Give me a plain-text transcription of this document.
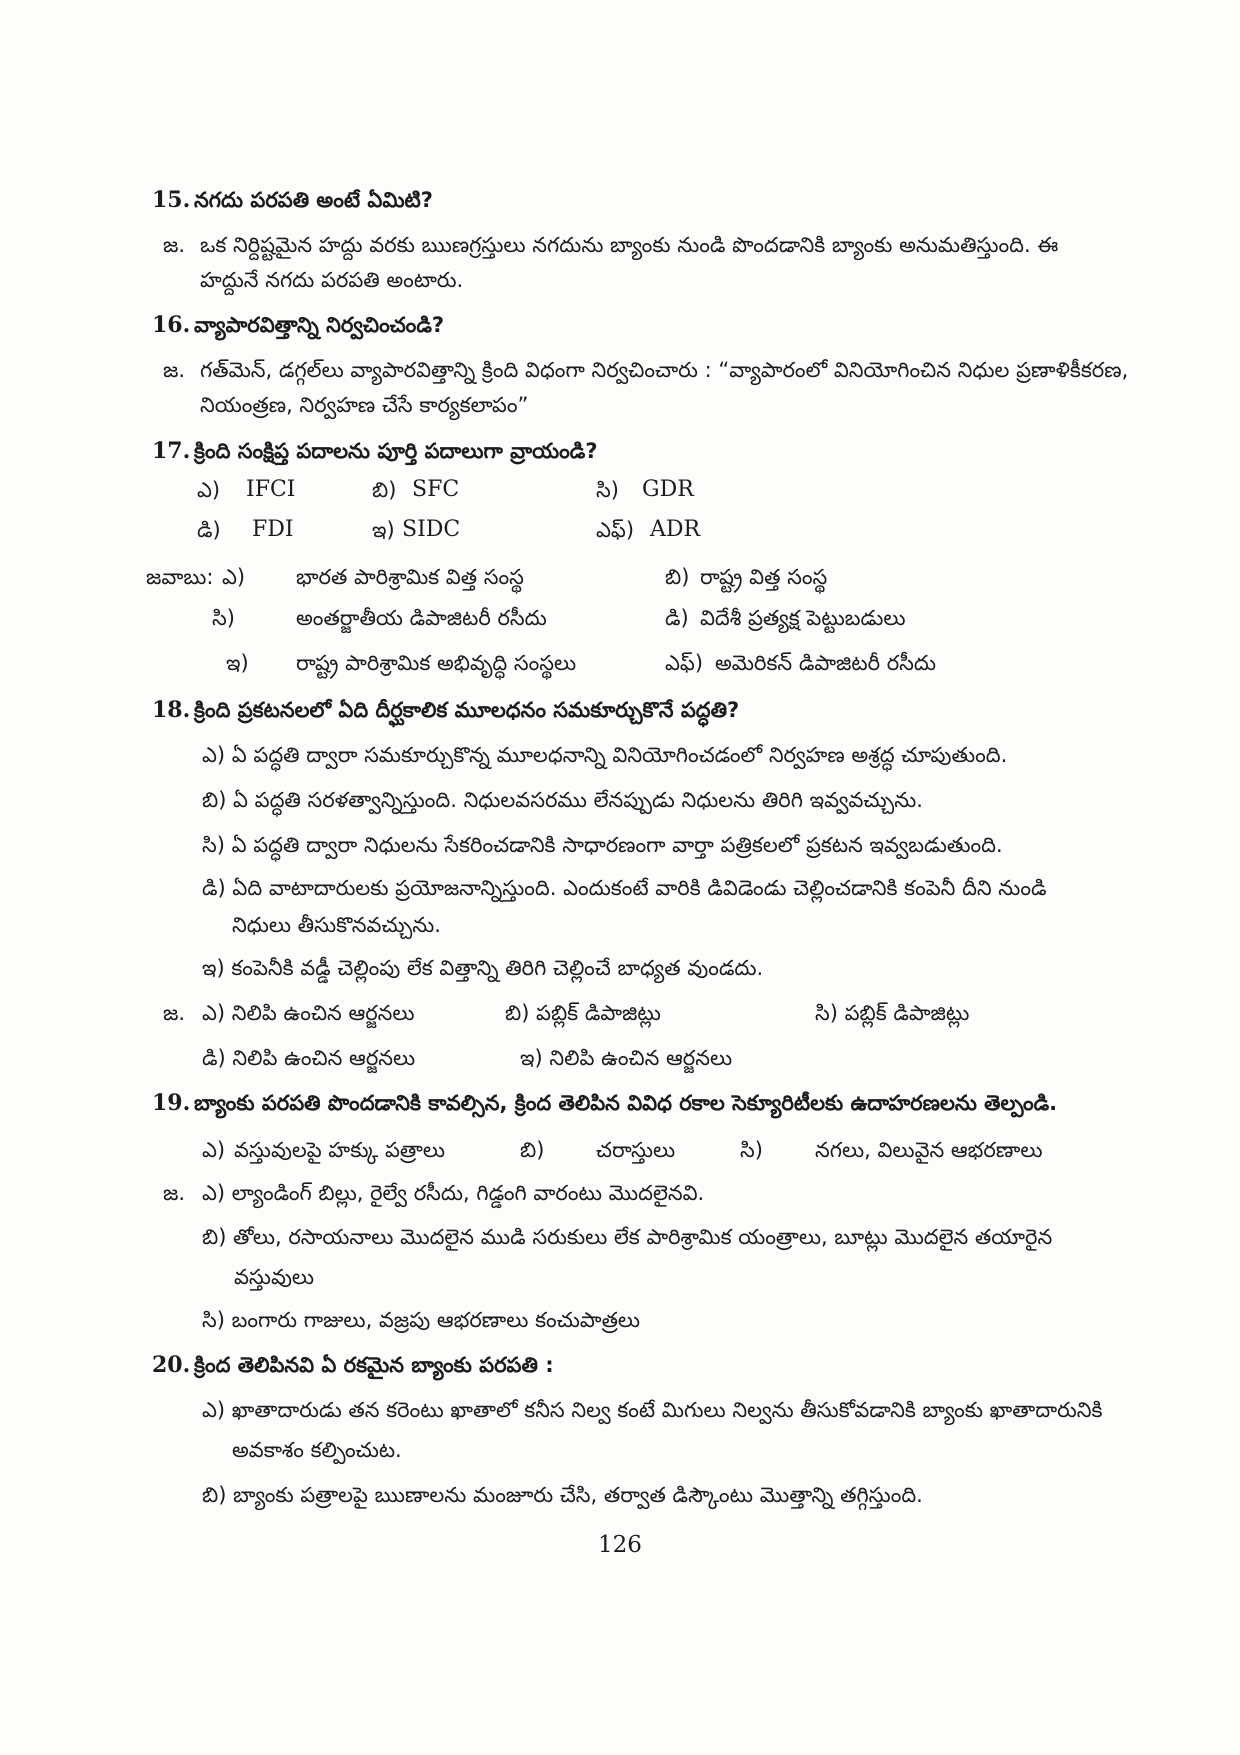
15. నగదు పరపతి అంటే ఏమిటి?
జ. ఒక నిర్దిష్టమైన హద్దు వరకు ఋణగ్రస్తులు నగదును బ్యాంకు నుండి పొందడానికి బ్యాంకు అనుమతిస్తుంది. ఈ
హద్దునే నగదు పరపతి అంటారు.
16. వ్యాపారవిత్తాన్ని నిర్వచించండి?
జ. గత్‌మెన్, డగ్గల్‌లు వ్యాపారవిత్తాన్ని క్రింది విధంగా నిర్వచించారు : “వ్యాపారంలో వినియోగించిన నిధుల ప్రణాళికీకరణ,
నియంత్రణ, నిర్వహణ చేసే కార్యకలాపం”
17. క్రింది సంక్షిప్త పదాలను పూర్తి పదాలుగా వ్రాయండి?
ఎ) IFCI	బి) SFC	సి) GDR
డి) FDI	ఇ) SIDC	ఎఫ్) ADR
జవాబు: ఎ) భారత పారిశ్రామిక విత్త సంస్థ	బి) రాష్ట్ర విత్త సంస్థ
సి)	అంతర్జాతీయ డిపాజిటరీ రసీదు	డి) విదేశీ ప్రత్యక్ష పెట్టుబడులు
ఇ) రాష్ట్ర పారిశ్రామిక అభివృద్ధి సంస్థలు	ఎఫ్) అమెరికన్ డిపాజిటరీ రసీదు
18. క్రింది ప్రకటనలలో ఏది దీర్ఘకాలిక మూలధనం సమకూర్చుకొనే పద్ధతి?
ఎ) ఏ పద్ధతి ద్వారా సమకూర్చుకొన్న మూలధనాన్ని వినియోగించడంలో నిర్వహణ అశ్రద్ధ చూపుతుంది.
బి) ఏ పద్ధతి సరళత్వాన్నిస్తుంది. నిధులవసరము లేనప్పుడు నిధులను తిరిగి ఇవ్వవచ్చును.
సి) ఏ పద్ధతి ద్వారా నిధులను సేకరించడానికి సాధారణంగా వార్తా పత్రికలలో ప్రకటన ఇవ్వబడుతుంది.
డి) ఏది వాటాదారులకు ప్రయోజనాన్నిస్తుంది. ఎందుకంటే వారికి డివిడెండు చెల్లించడానికి కంపెనీ దీని నుండి
నిధులు తీసుకొనవచ్చును.
ఇ) కంపెనీకి వడ్డీ చెల్లింపు లేక విత్తాన్ని తిరిగి చెల్లించే బాధ్యత వుండదు.
జ. ఎ) నిలిపి ఉంచిన ఆర్జనలు	బి) పబ్లిక్ డిపాజిట్లు	సి) పబ్లిక్ డిపాజిట్లు
డి) నిలిపి ఉంచిన ఆర్జనలు	ఇ) నిలిపి ఉంచిన ఆర్జనలు
19. బ్యాంకు పరపతి పొందడానికి కావల్సిన, క్రింద తెలిపిన వివిధ రకాల సెక్యూరిటీలకు ఉదాహరణలను తెల్పండి.
ఎ) వస్తువులపై హక్కు పత్రాలు	బి) చరాస్తులు	సి) నగలు, విలువైన ఆభరణాలు
జ. ఎ) ల్యాండింగ్ బిల్లు, రైల్వే రసీదు, గిడ్డంగి వారంటు మొదలైనవి.
బి) తోలు, రసాయనాలు మొదలైన ముడి సరుకులు లేక పారిశ్రామిక యంత్రాలు, బూట్లు మొదలైన తయారైన
వస్తువులు
సి) బంగారు గాజులు, వజ్రపు ఆభరణాలు కంచుపాత్రలు
20. క్రింద తెలిపినవి ఏ రకమైన బ్యాంకు పరపతి :
ఎ) ఖాతాదారుడు తన కరెంటు ఖాతాలో కనీస నిల్వ కంటే మిగులు నిల్వను తీసుకోవడానికి బ్యాంకు ఖాతాదారునికి
అవకాశం కల్పించుట.
బి) బ్యాంకు పత్రాలపై ఋణాలను మంజూరు చేసి, తర్వాత డిస్కౌంటు మొత్తాన్ని తగ్గిస్తుంది.
126
